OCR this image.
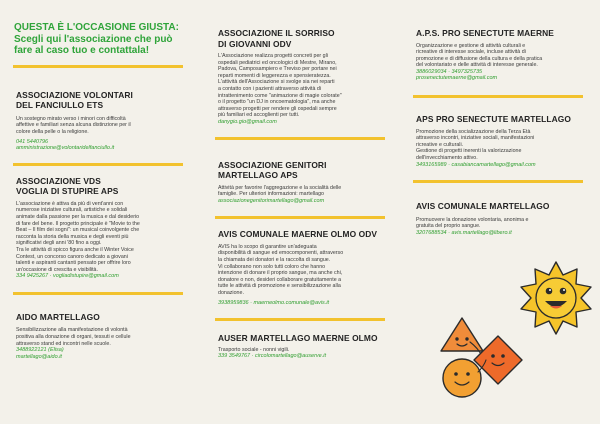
QUESTA È L'OCCASIONE GIUSTA:
Scegli qui l'associazione che può
fare al caso tuo e contattala!
ASSOCIAZIONE VOLONTARI
DEL FANCIULLO ETS
Un sostegno mirato verso i minori con difficoltà
affettive e familiari senza alcuna distinzione per il
colore della pelle o la religione.
041 5440796
amministrazione@volontaridelfanciullo.it
ASSOCIAZIONE VDS
VOGLIA DI STUPIRE APS
L'associazione è attiva da più di vent'anni con
numerose iniziative culturali, artistiche e solidali
animate dalla passione per la musica e dal desiderio
di fare del bene. Il progetto principale è "Movie to the
Beat – Il film dei sogni": un musical coinvolgente che
racconta la storia della musica e degli eventi più
significativi degli anni '80 fino a oggi.
Tra le attività di spicco figura anche il Winter Voice
Contest, un concorso canoro dedicato a giovani
talenti e aspiranti cantanti pensato per offrire loro
un'occasione di crescita e visibilità.
334 9425267 · vogliadistupire@gmail.com
AIDO MARTELLAGO
Sensibilizzazione alla manifestazione di volontà
positiva alla donazione di organi, tessuti e cellule
attraverso stand ed incontri nelle scuole.
3488922121 (Elisa)
martellago@aido.it
ASSOCIAZIONE IL SORRISO
DI GIOVANNI ODV
L'Associazione realizza progetti concreti per gli
ospedali pediatrici ed oncologici di Mestre, Mirano,
Padova, Camposampiero e Treviso per portare nei
reparti momenti di leggerezza e spensieratezza.
L'attività dell'Associazione si svolge sia nei reparti
a contatto con i pazienti attraverso attività di
intrattenimento come "animazione di magie colorate"
o il progetto "un DJ in oncoematologia", ma anche
attraverso progetti per rendere gli ospedali sempre
più familiari ed accoglienti per tutti.
danygio.gio@gmail.com
ASSOCIAZIONE GENITORI
MARTELLAGO APS
Attività per favorire l'aggregazione e la socialità delle
famiglie. Per ulteriori informazioni: martellago
associazionegenitorimartellago@gmail.com
AVIS COMUNALE MAERNE OLMO ODV
AVIS ha lo scopo di garantire un'adeguata
disponibilità di sangue ed emocomponenti, attraverso
la chiamata dei donatori e la raccolta di sangue.
Vi collaborano non solo tutti coloro che hanno
intenzione di donare il proprio sangue, ma anche chi,
donatore o non, desideri collaborare gratuitamente a
tutte le attività di promozione e sensibilizzazione alla
donazione.
3938959836 · maerneolmo.comunale@avis.it
AUSER MARTELLAGO MAERNE OLMO
Trasporto sociale - nonni vigili.
339 3549767 · circolomartellago@auserve.it
A.P.S. PRO SENECTUTE MAERNE
Organizzazione e gestione di attività culturali e
ricreative di interesse sociale, incluse attività di
promozione e di diffusione della cultura e della pratica
del volontariato e delle attività di interesse generale.
3886029034 · 3497325735
prosenectutemaerne@gmail.com
APS PRO SENECTUTE MARTELLAGO
Promozione della socializzazione della Terza Età
attraverso incontri, iniziative sociali, manifestazioni
ricreative e culturali.
Gestione di progetti inerenti la valorizzazione
dell'invecchiamento attivo.
3493165989 · casabiancamartellago@gmail.com
AVIS COMUNALE MARTELLAGO
Promuovere la donazione volontaria, anonima e
gratuita del proprio sangue.
3207688534 · avis.martellago@libero.it
